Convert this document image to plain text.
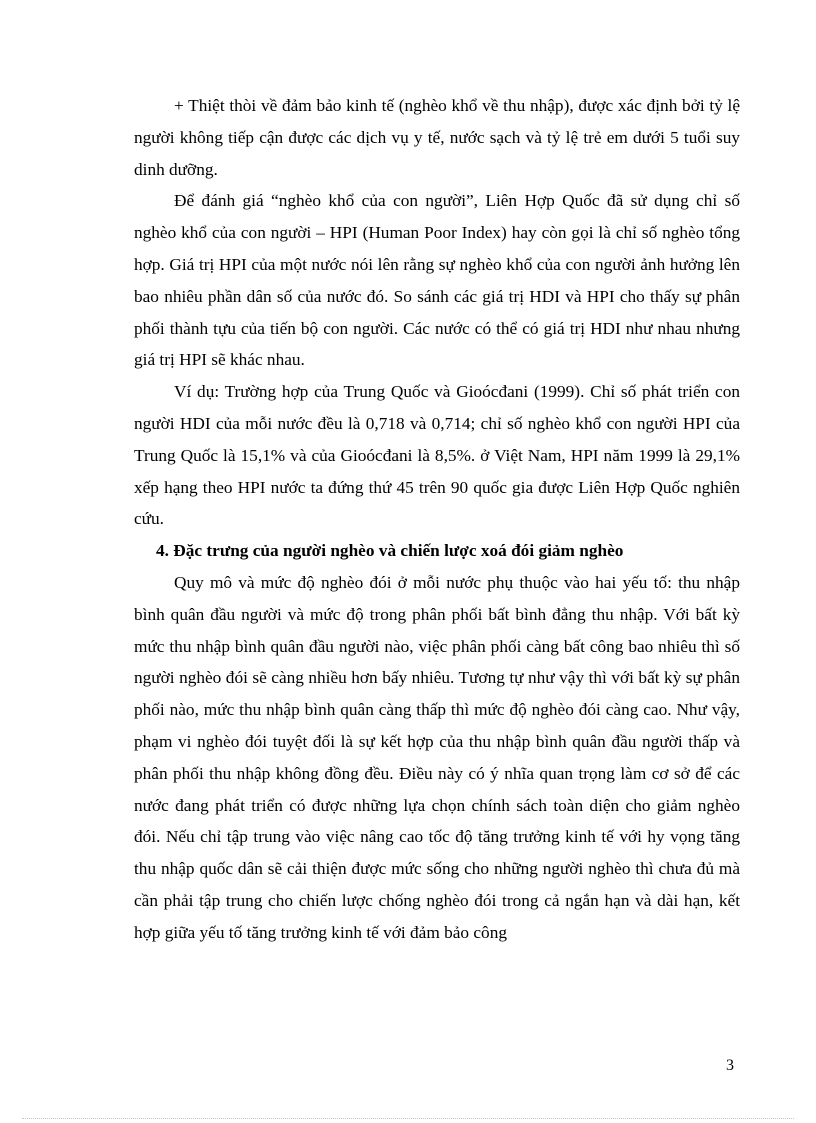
+ Thiệt thòi về đảm bảo kinh tế (nghèo khổ về thu nhập), được xác định bởi tỷ lệ người không tiếp cận được các dịch vụ y tế, nước sạch và tỷ lệ trẻ em dưới 5 tuổi suy dinh dưỡng.

Để đánh giá “nghèo khổ của con người”, Liên Hợp Quốc đã sử dụng chỉ số nghèo khổ của con người – HPI (Human Poor Index) hay còn gọi là chỉ số nghèo tổng hợp. Giá trị HPI của một nước nói lên rằng sự nghèo khổ của con người ảnh hưởng lên bao nhiêu phần dân số của nước đó. So sánh các giá trị HDI và HPI cho thấy sự phân phối thành tựu của tiến bộ con người. Các nước có thể có giá trị HDI như nhau nhưng giá trị HPI sẽ khác nhau.

Ví dụ: Trường hợp của Trung Quốc và Gioócđani (1999). Chỉ số phát triển con người HDI của mỗi nước đều là 0,718 và 0,714; chỉ số nghèo khổ con người HPI của Trung Quốc là 15,1% và của Gioócđani là 8,5%. ở Việt Nam, HPI năm 1999 là 29,1% xếp hạng theo HPI nước ta đứng thứ 45 trên 90 quốc gia được Liên Hợp Quốc nghiên cứu.

4. Đặc trưng của người nghèo và chiến lược xoá đói giảm nghèo

Quy mô và mức độ nghèo đói ở mỗi nước phụ thuộc vào hai yếu tố: thu nhập bình quân đầu người và mức độ trong phân phối bất bình đẳng thu nhập. Với bất kỳ mức thu nhập bình quân đầu người nào, việc phân phối càng bất công bao nhiêu thì số người nghèo đói sẽ càng nhiều hơn bấy nhiêu. Tương tự như vậy thì với bất kỳ sự phân phối nào, mức thu nhập bình quân càng thấp thì mức độ nghèo đói càng cao. Như vậy, phạm vi nghèo đói tuyệt đối là sự kết hợp của thu nhập bình quân đầu người thấp và phân phối thu nhập không đồng đều. Điều này có ý nhĩa quan trọng làm cơ sở để các nước đang phát triển có được những lựa chọn chính sách toàn diện cho giảm nghèo đói. Nếu chỉ tập trung vào việc nâng cao tốc độ tăng trưởng kinh tế với hy vọng tăng thu nhập quốc dân sẽ cải thiện được mức sống cho những người nghèo thì chưa đủ mà cần phải tập trung cho chiến lược chống nghèo đói trong cả ngắn hạn và dài hạn, kết hợp giữa yếu tố tăng trưởng kinh tế với đảm bảo công

3
